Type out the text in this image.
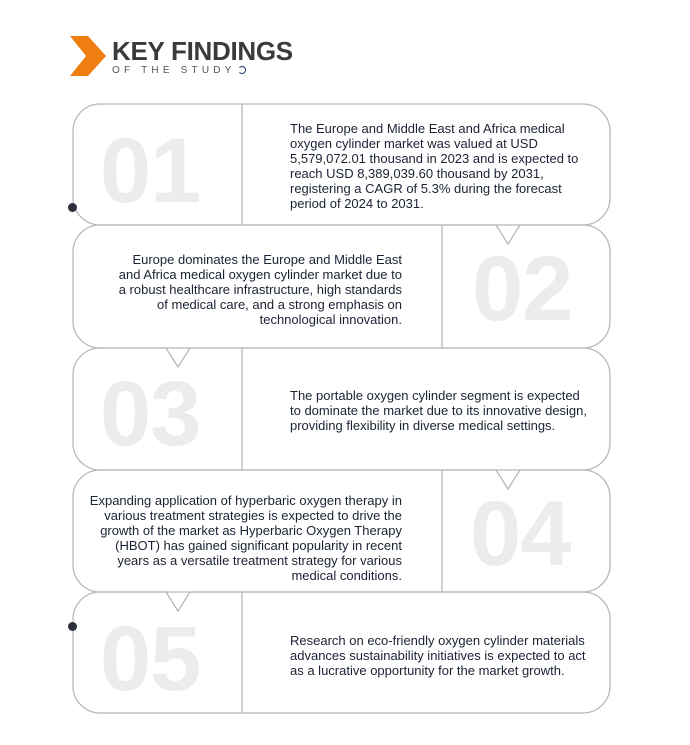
KEY FINDINGS
OF THE STUDY
01	The Europe and Middle East and Africa medical oxygen cylinder market was valued at USD 5,579,072.01 thousand in 2023 and is expected to reach USD 8,389,039.60 thousand by 2031, registering a CAGR of 5.3% during the forecast period of 2024 to 2031.
Europe dominates the Europe and Middle East and Africa medical oxygen cylinder market due to a robust healthcare infrastructure, high standards of medical care, and a strong emphasis on technological innovation. 02
03	The portable oxygen cylinder segment is expected to dominate the market due to its innovative design, providing flexibility in diverse medical settings.
Expanding application of hyperbaric oxygen therapy in various treatment strategies is expected to drive the growth of the market as Hyperbaric Oxygen Therapy (HBOT) has gained significant popularity in recent years as a versatile treatment strategy for various medical conditions. 04
05	Research on eco-friendly oxygen cylinder materials advances sustainability initiatives is expected to act as a lucrative opportunity for the market growth.
